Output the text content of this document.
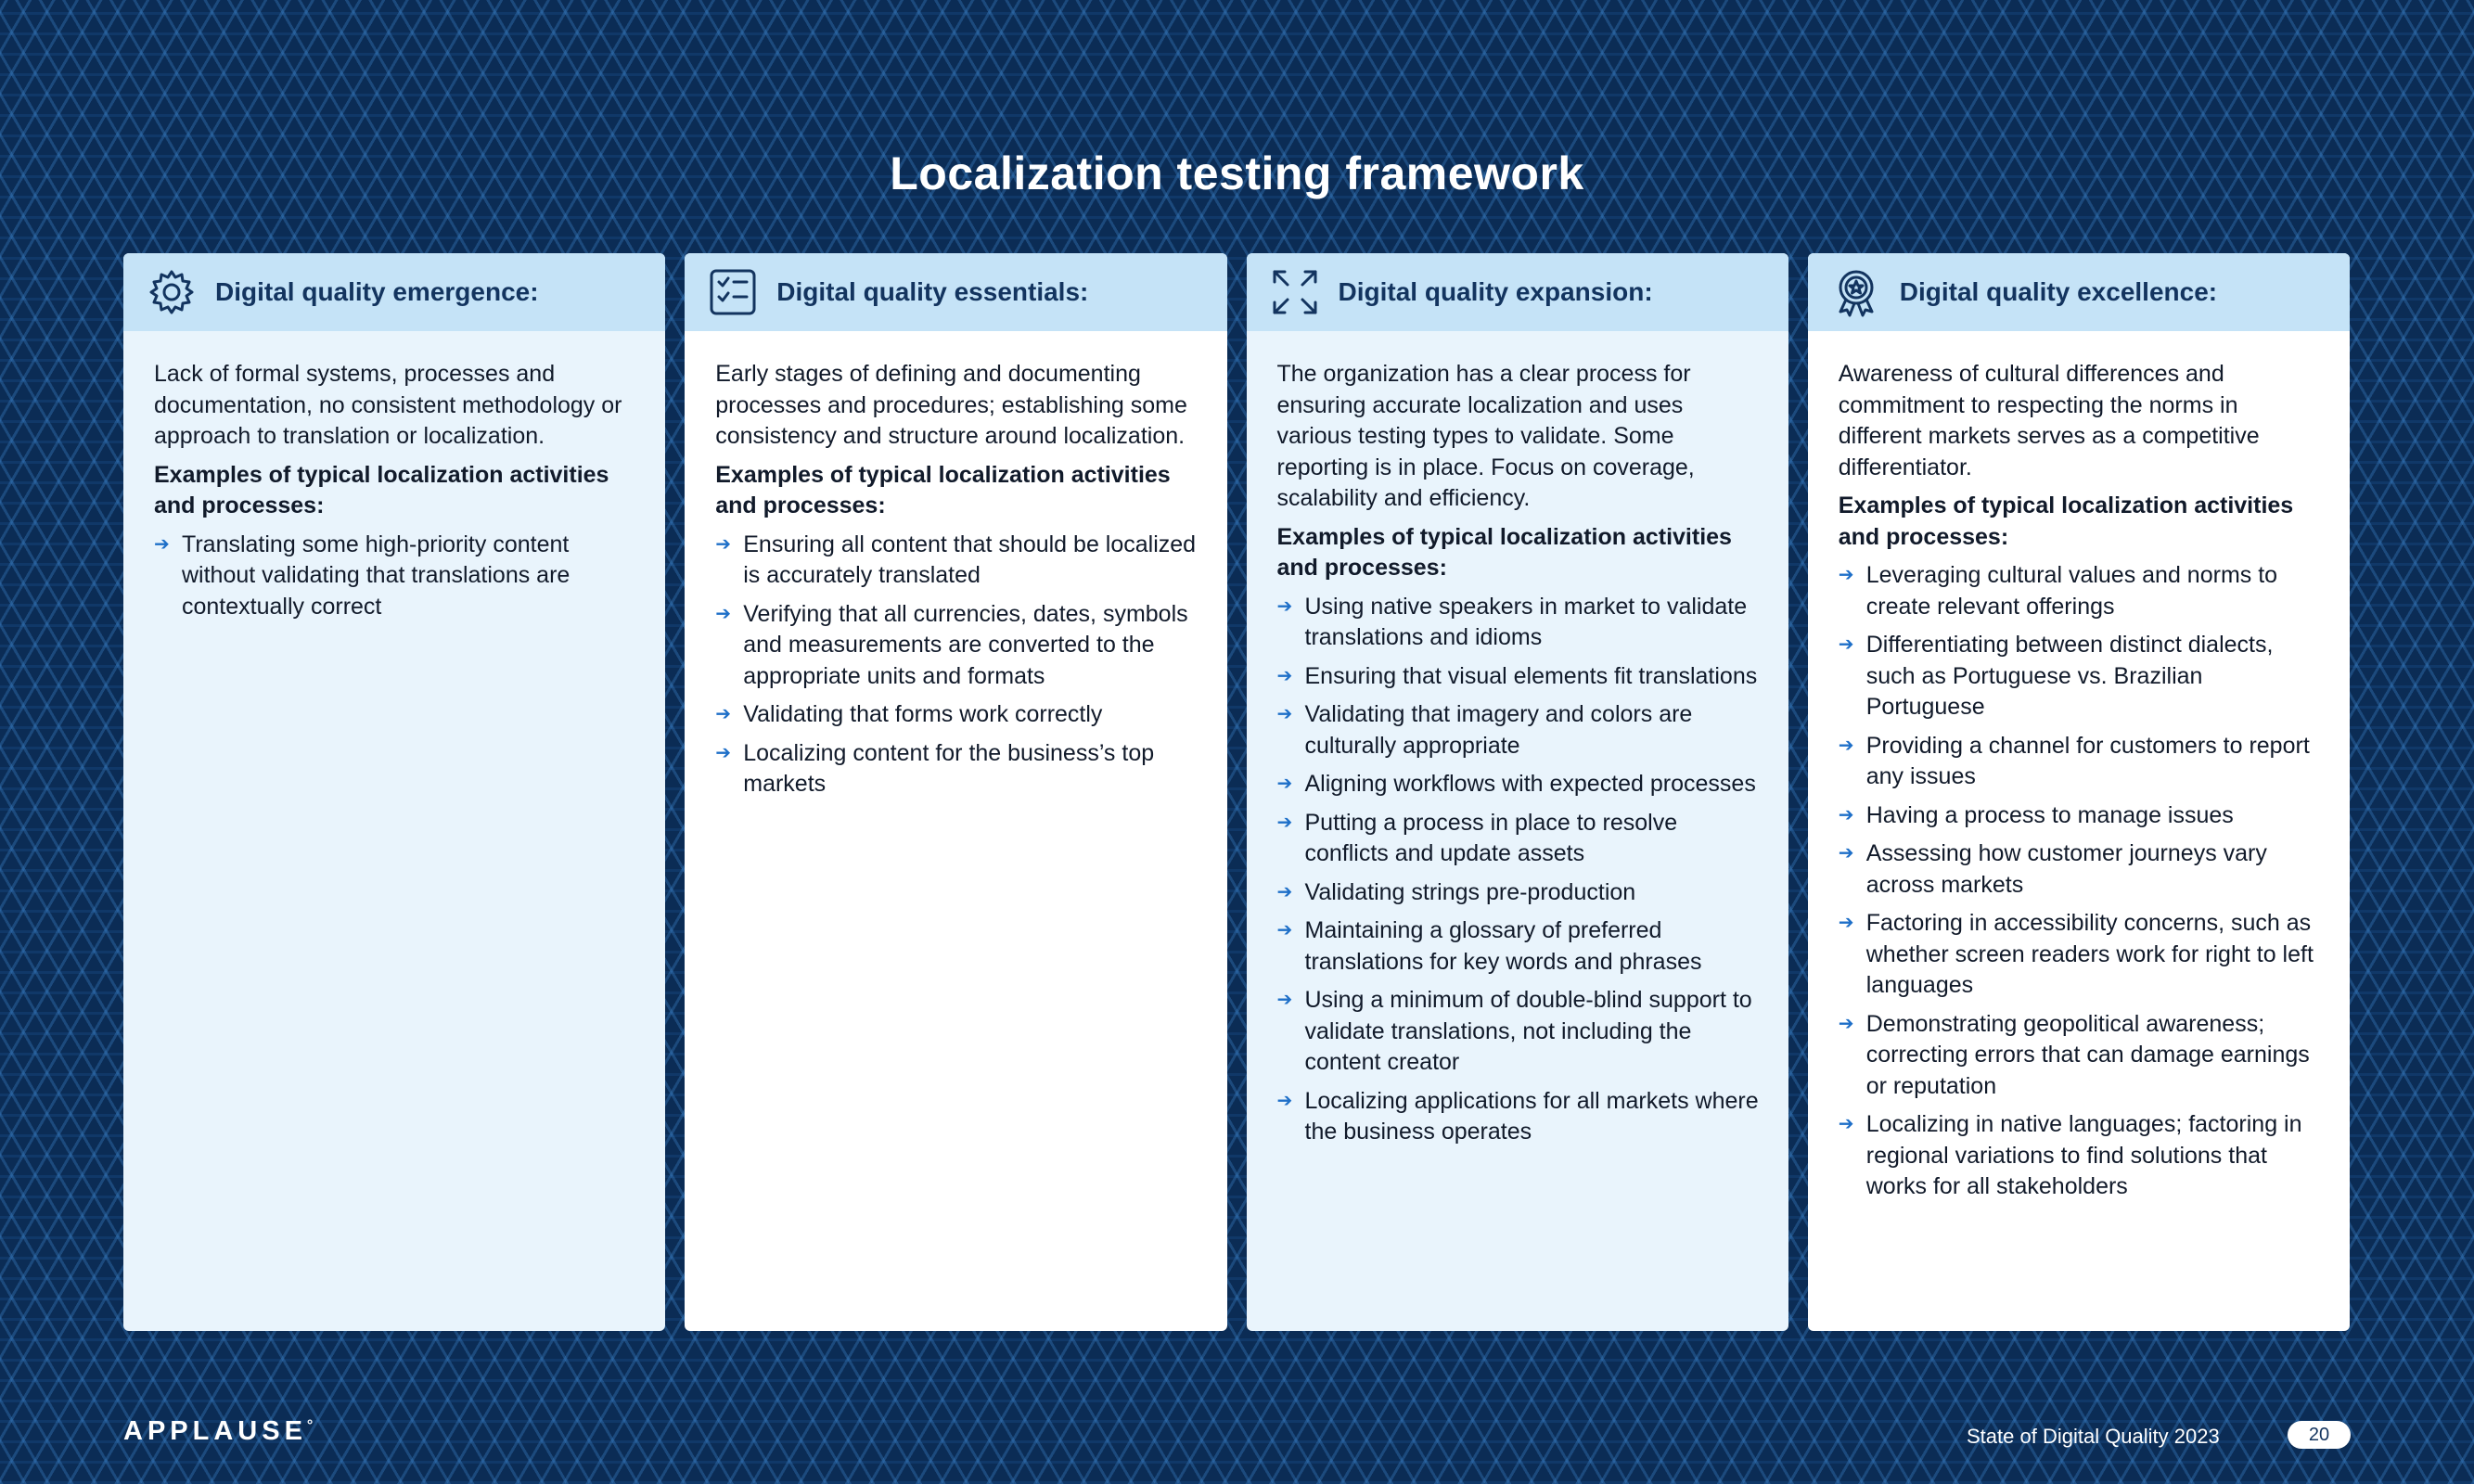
Localization testing framework
Digital quality emergence:

Lack of formal systems, processes and documentation, no consistent methodology or approach to translation or localization.

Examples of typical localization activities and processes:

➔ Translating some high-priority content without validating that translations are contextually correct
Digital quality essentials:

Early stages of defining and documenting processes and procedures; establishing some consistency and structure around localization.

Examples of typical localization activities and processes:

➔ Ensuring all content that should be localized is accurately translated
➔ Verifying that all currencies, dates, symbols and measurements are converted to the appropriate units and formats
➔ Validating that forms work correctly
➔ Localizing content for the business’s top markets
Digital quality expansion:

The organization has a clear process for ensuring accurate localization and uses various testing types to validate. Some reporting is in place. Focus on coverage, scalability and efficiency.

Examples of typical localization activities and processes:

➔ Using native speakers in market to validate translations and idioms
➔ Ensuring that visual elements fit translations
➔ Validating that imagery and colors are culturally appropriate
➔ Aligning workflows with expected processes
➔ Putting a process in place to resolve conflicts and update assets
➔ Validating strings pre-production
➔ Maintaining a glossary of preferred translations for key words and phrases
➔ Using a minimum of double-blind support to validate translations, not including the content creator
➔ Localizing applications for all markets where the business operates
Digital quality excellence:

Awareness of cultural differences and commitment to respecting the norms in different markets serves as a competitive differentiator.

Examples of typical localization activities and processes:

➔ Leveraging cultural values and norms to create relevant offerings
➔ Differentiating between distinct dialects, such as Portuguese vs. Brazilian Portuguese
➔ Providing a channel for customers to report any issues
➔ Having a process to manage issues
➔ Assessing how customer journeys vary across markets
➔ Factoring in accessibility concerns, such as whether screen readers work for right to left languages
➔ Demonstrating geopolitical awareness; correcting errors that can damage earnings or reputation
➔ Localizing in native languages; factoring in regional variations to find solutions that works for all stakeholders
APPLAUSE°	State of Digital Quality 2023	20
